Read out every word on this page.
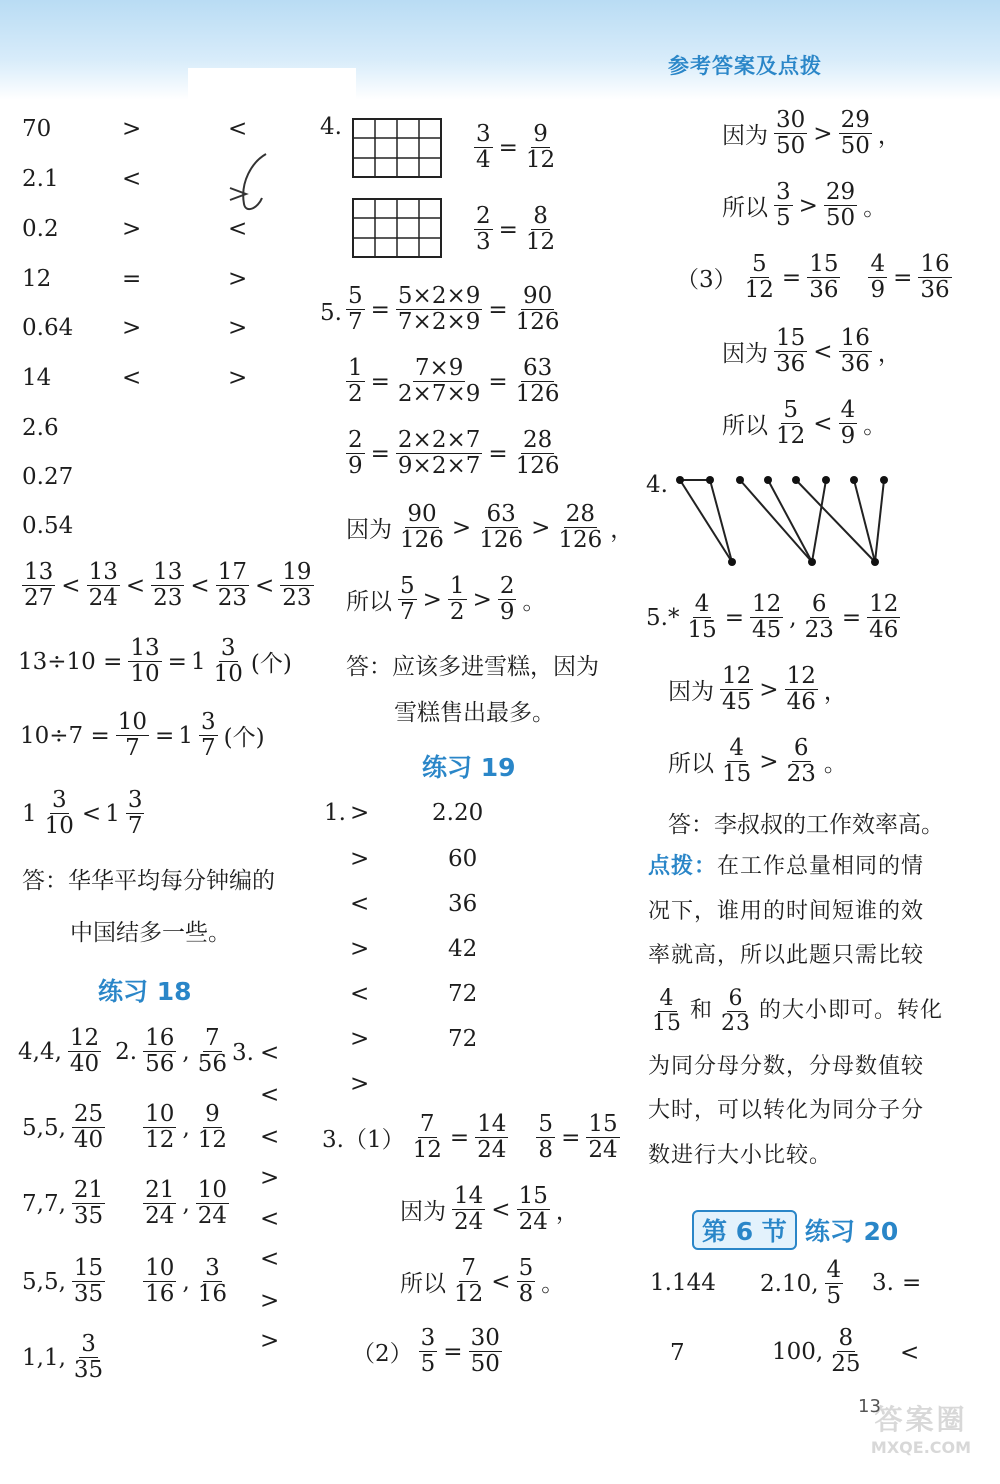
参考答案及点拨
70
2.1
0.2
12
0.64
14
2.6
0.27
0.54
>
<
>
=
>
<
<
<
>
>
>
$\frac{13}{27} < \frac{13}{24} < \frac{13}{23} < \frac{17}{23} < \frac{19}{23}$
$13\div 10 = \frac{13}{10} = 1 \frac{3}{10}$ (个)
$10\div 7 = \frac{10}{7} = 1 \frac{3}{7}$ (个)
$1 \frac{3}{10} < 1 \frac{3}{7}$
答：华华平均每分钟编的
中国结多一些。
练习 18
4,4, $\frac{12}{40} 2$. $\frac{16}{56}$ , $\frac{7}{56}$
5,5, $\frac{25}{40} \frac{10}{12}$ , $\frac{9}{12}$
7,7, $\frac{21}{35} \frac{21}{24}$ , $\frac{10}{24}$
5,5, $\frac{15}{35} \frac{10}{16}$ , $\frac{3}{16}$
1,1, $\frac{3}{35}$
3. <
<
<
>
<
<
>
>
4.	$\frac{3}{4} = \frac{9}{12}$
$\frac{2}{3} = \frac{8}{12}$
5. $\frac{5}{7} = \frac{5\times 2\times 9}{7\times 2\times 9} = \frac{90}{126}$
$\frac{1}{2} = \frac{7\times 9}{2\times 7\times 9} = \frac{63}{126}$
$\frac{2}{9} = \frac{2\times 2\times 7}{9\times 2\times 7} = \frac{28}{126}$
因为 $\frac{90}{126} > \frac{63}{126} > \frac{28}{126}$ ，
所以 $\frac{5}{7} > \frac{1}{2} > \frac{2}{9}$ 。
答：应该多进雪糕，因为
雪糕售出最多。
练习 19
1. >
>
<
>
<
>
>
2.20
60
36
42
72
72
$3.(1) \frac{7}{12} = \frac{14}{24} \frac{5}{8} = \frac{15}{24}$
因为 $\frac{14}{24} < \frac{15}{24}$ ，
所以 $\frac{7}{12} < \frac{5}{8}$ 。
$(2) \frac{3}{5} = \frac{30}{50}$
因为 $\frac{30}{50} > \frac{29}{50}$ ，
所以 $\frac{3}{5} > \frac{29}{50}$ 。
$(3) \frac{5}{12} = \frac{15}{36} \frac{4}{9} = \frac{16}{36}$
因为 $\frac{15}{36} < \frac{16}{36}$ ，
所以 $\frac{5}{12} < \frac{4}{9}$ 。
4.
$5.* \frac{4}{15} = \frac{12}{45}$ , $\frac{6}{23} = \frac{12}{46}$
因为 $\frac{12}{45} > \frac{12}{46}$ ，
所以 $\frac{4}{15} > \frac{6}{23}$ 。
答：李叔叔的工作效率高。
点拨：在工作总量相同的情
况下，谁用的时间短谁的效
率就高，所以此题只需比较
$\frac{4}{15}$ 和 $\frac{6}{23}$ 的大小即可。转化
为同分母分数，分母数值较
大时，可以转化为同分子分
数进行大小比较。
第 6 节 练习 20
1.144 2.10, $\frac{4}{5} 3$. =
7	100, $\frac{8}{25}$ <
答案圈
MXQE.COM
13
